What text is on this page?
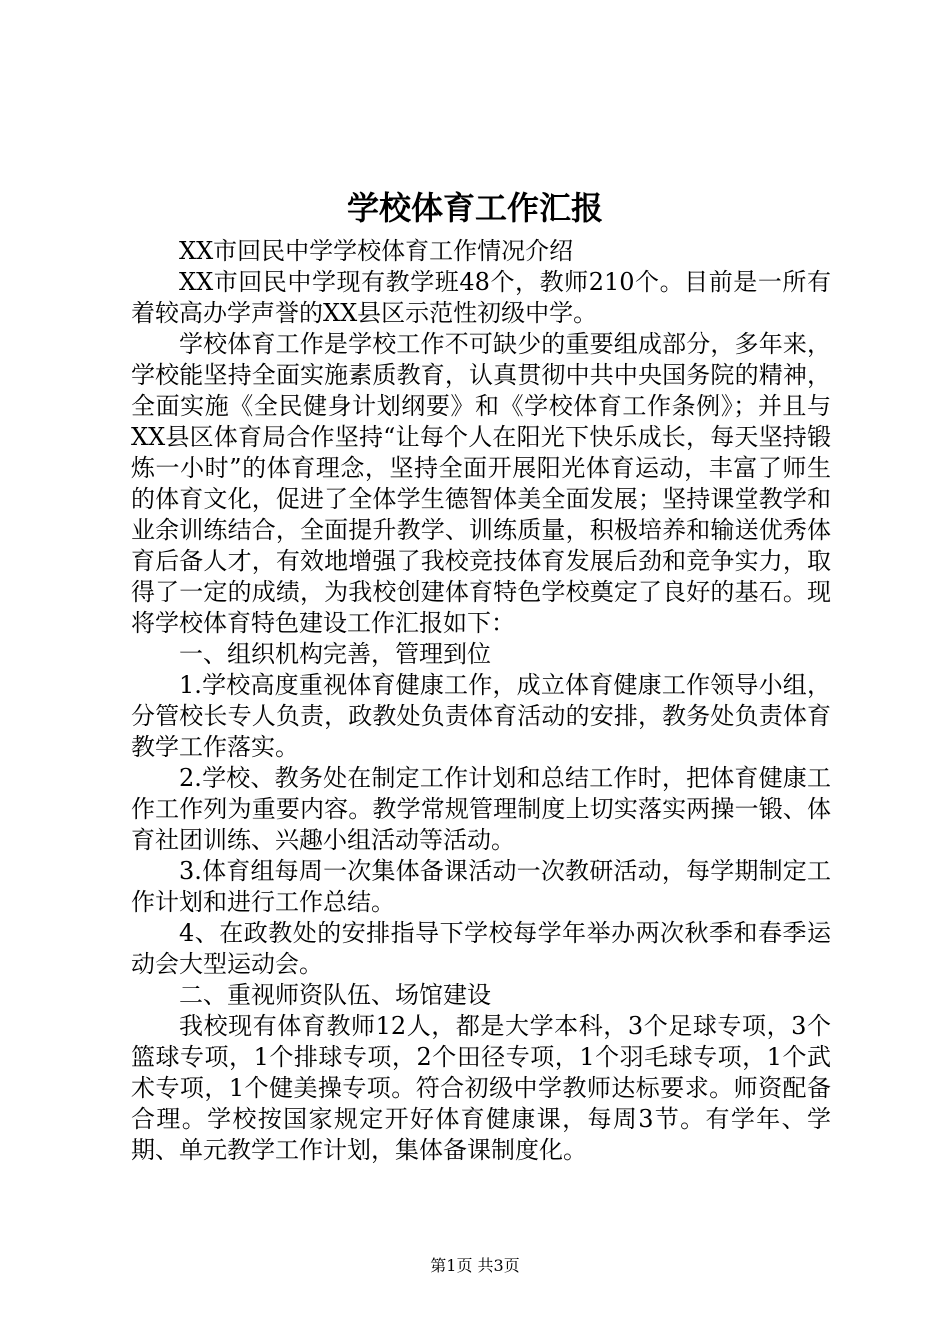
学校体育工作汇报

XX市回民中学学校体育工作情况介绍

XX市回民中学现有教学班48个，教师210个。目前是一所有着较高办学声誉的XX县区示范性初级中学。

学校体育工作是学校工作不可缺少的重要组成部分，多年来，学校能坚持全面实施素质教育，认真贯彻中共中央国务院的精神，全面实施《全民健身计划纲要》和《学校体育工作条例》；并且与XX县区体育局合作坚持“让每个人在阳光下快乐成长，每天坚持锻炼一小时”的体育理念，坚持全面开展阳光体育运动，丰富了师生的体育文化，促进了全体学生德智体美全面发展；坚持课堂教学和业余训练结合，全面提升教学、训练质量，积极培养和输送优秀体育后备人才，有效地增强了我校竞技体育发展后劲和竞争实力，取得了一定的成绩，为我校创建体育特色学校奠定了良好的基石。现将学校体育特色建设工作汇报如下：

一、组织机构完善，管理到位

1.学校高度重视体育健康工作，成立体育健康工作领导小组，分管校长专人负责，政教处负责体育活动的安排，教务处负责体育教学工作落实。

2.学校、教务处在制定工作计划和总结工作时，把体育健康工作工作列为重要内容。教学常规管理制度上切实落实两操一锻、体育社团训练、兴趣小组活动等活动。

3.体育组每周一次集体备课活动一次教研活动，每学期制定工作计划和进行工作总结。

4、在政教处的安排指导下学校每学年举办两次秋季和春季运动会大型运动会。

二、重视师资队伍、场馆建设

我校现有体育教师12人，都是大学本科，3个足球专项，3个篮球专项，1个排球专项，2个田径专项，1个羽毛球专项，1个武术专项，1个健美操专项。符合初级中学教师达标要求。师资配备合理。学校按国家规定开好体育健康课，每周3节。有学年、学期、单元教学工作计划，集体备课制度化。

第1页 共3页
